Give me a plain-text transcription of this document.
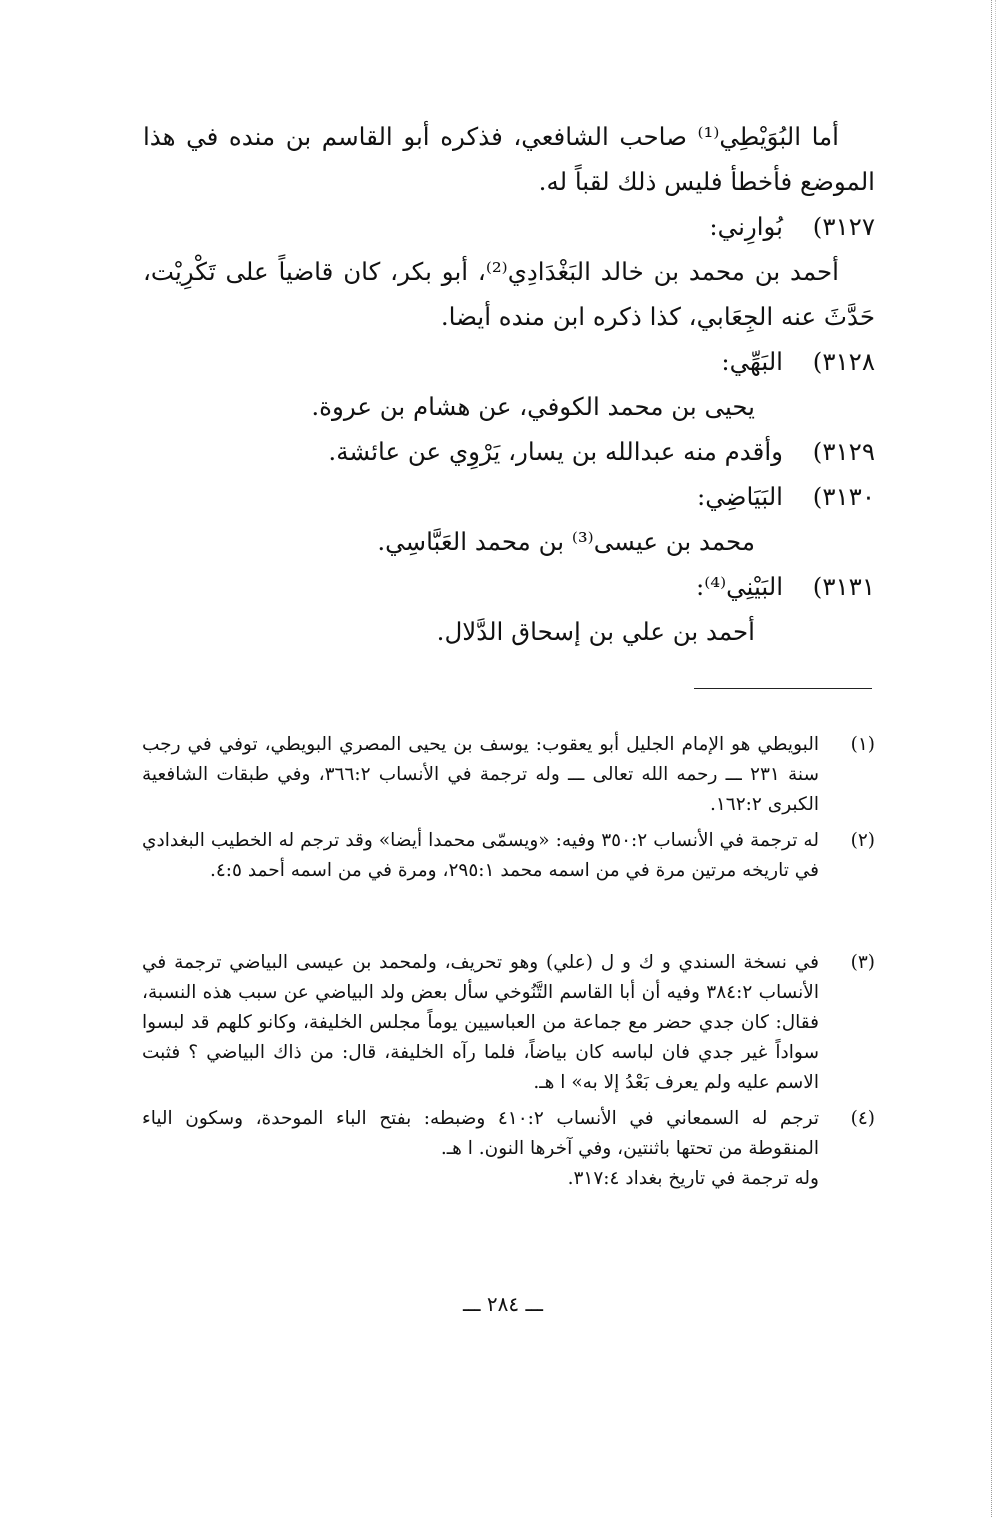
أما البُوَيْطِي⁽¹⁾ صاحب الشافعي، فذكره أبو القاسم بن منده في هذا الموضع فأخطأ فليس ذلك لقباً له.

٣١٢٧)
بُوارِني:

أحمد بن محمد بن خالد البَغْدَادِي⁽²⁾، أبو بكر، كان قاضياً على تَكْرِيْت، حَدَّثَ عنه الجِعَابي، كذا ذكره ابن منده أيضا.

٣١٢٨)
البَهِّي:

يحيى بن محمد الكوفي، عن هشام بن عروة.

٣١٢٩)
وأقدم منه عبدالله بن يسار، يَرْوِي عن عائشة.
٣١٣٠)
البَيَاضِي:

محمد بن عيسى⁽³⁾ بن محمد العَبَّاسِي.

٣١٣١)
البَيْنِي⁽⁴⁾:

أحمد بن علي بن إسحاق الدَّلال.

(١)
البويطي هو الإمام الجليل أبو يعقوب: يوسف بن يحيى المصري البويطي، توفي في رجب سنة ٢٣١ ـــ رحمه الله تعالى ـــ وله ترجمة في الأنساب ٣٦٦:٢، وفي طبقات الشافعية الكبرى ١٦٢:٢.
(٢)
له ترجمة في الأنساب ٣٥٠:٢ وفيه: «ويسمّى محمدا أيضا» وقد ترجم له الخطيب البغدادي في تاريخه مرتين مرة في من اسمه محمد ٢٩٥:١، ومرة في من اسمه أحمد ٤:٥.
(٣)
في نسخة السندي و ك و ل (علي) وهو تحريف، ولمحمد بن عيسى البياضي ترجمة في الأنساب ٣٨٤:٢ وفيه أن أبا القاسم التَّنُوخي سأل بعض ولد البياضي عن سبب هذه النسبة، فقال: كان جدي حضر مع جماعة من العباسيين يوماً مجلس الخليفة، وكانو كلهم قد لبسوا سواداً غير جدي فان لباسه كان بياضاً، فلما رآه الخليفة، قال: من ذاك البياضي ؟ فثبت الاسم عليه ولم يعرف بَعْدُ إلا به» ا هـ.
(٤)
ترجم له السمعاني في الأنساب ٤١٠:٢ وضبطه: بفتح الباء الموحدة، وسكون الياء المنقوطة من تحتها باثنتين، وفي آخرها النون. ا هـ.
وله ترجمة في تاريخ بغداد ٣١٧:٤.
ـــ ٢٨٤ ـــ
